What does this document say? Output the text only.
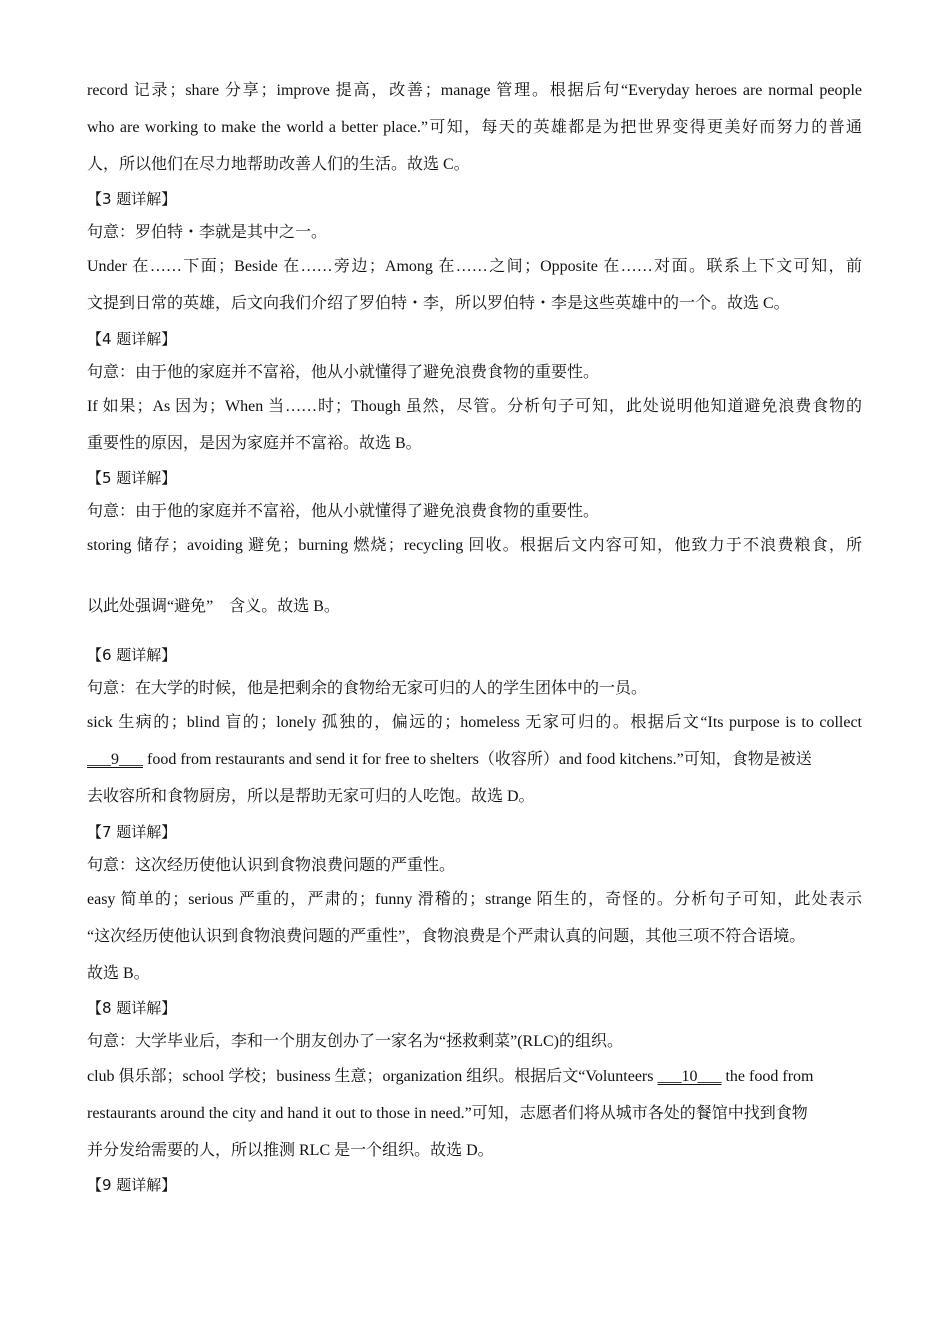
record 记录；share 分享；improve 提高，改善；manage 管理。根据后句“Everyday heroes are normal people
who are working to make the world a better place.”可知，每天的英雄都是为把世界变得更美好而努力的普通
人，所以他们在尽力地帮助改善人们的生活。故选 C。
【3 题详解】
句意：罗伯特・李就是其中之一。
Under 在……下面；Beside 在……旁边；Among 在……之间；Opposite 在……对面。联系上下文可知，前
文提到日常的英雄，后文向我们介绍了罗伯特・李，所以罗伯特・李是这些英雄中的一个。故选 C。
【4 题详解】
句意：由于他的家庭并不富裕，他从小就懂得了避免浪费食物的重要性。
If 如果；As 因为；When 当……时；Though 虽然，尽管。分析句子可知，此处说明他知道避免浪费食物的
重要性的原因，是因为家庭并不富裕。故选 B。
【5 题详解】
句意：由于他的家庭并不富裕，他从小就懂得了避免浪费食物的重要性。
storing 储存；avoiding 避免；burning 燃烧；recycling 回收。根据后文内容可知，他致力于不浪费粮食，所
以此处强调“避免”　含义。故选 B。
【6 题详解】
句意：在大学的时候，他是把剩余的食物给无家可归的人的学生团体中的一员。
sick 生病的；blind 盲的；lonely 孤独的，偏远的；homeless 无家可归的。根据后文“Its purpose is to collect
___9___ food from restaurants and send it for free to shelters（收容所）and food kitchens.”可知，食物是被送
去收容所和食物厨房，所以是帮助无家可归的人吃饱。故选 D。
【7 题详解】
句意：这次经历使他认识到食物浪费问题的严重性。
easy 简单的；serious 严重的，严肃的；funny 滑稽的；strange 陌生的，奇怪的。分析句子可知，此处表示
“这次经历使他认识到食物浪费问题的严重性”，食物浪费是个严肃认真的问题，其他三项不符合语境。
故选 B。
【8 题详解】
句意：大学毕业后，李和一个朋友创办了一家名为“拯救剩菜”(RLC)的组织。
club 俱乐部；school 学校；business 生意；organization 组织。根据后文“Volunteers ___10___ the food from
restaurants around the city and hand it out to those in need.”可知，志愿者们将从城市各处的餐馆中找到食物
并分发给需要的人，所以推测 RLC 是一个组织。故选 D。
【9 题详解】
